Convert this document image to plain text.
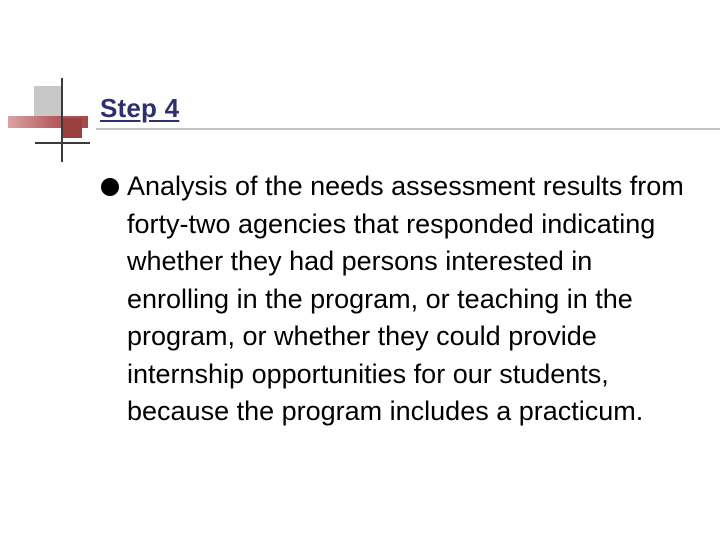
Step 4

Analysis of the needs assessment results from forty-two agencies that responded indicating whether they had persons interested in enrolling in the program, or teaching in the program, or whether they could provide internship opportunities for our students, because the program includes a practicum.
